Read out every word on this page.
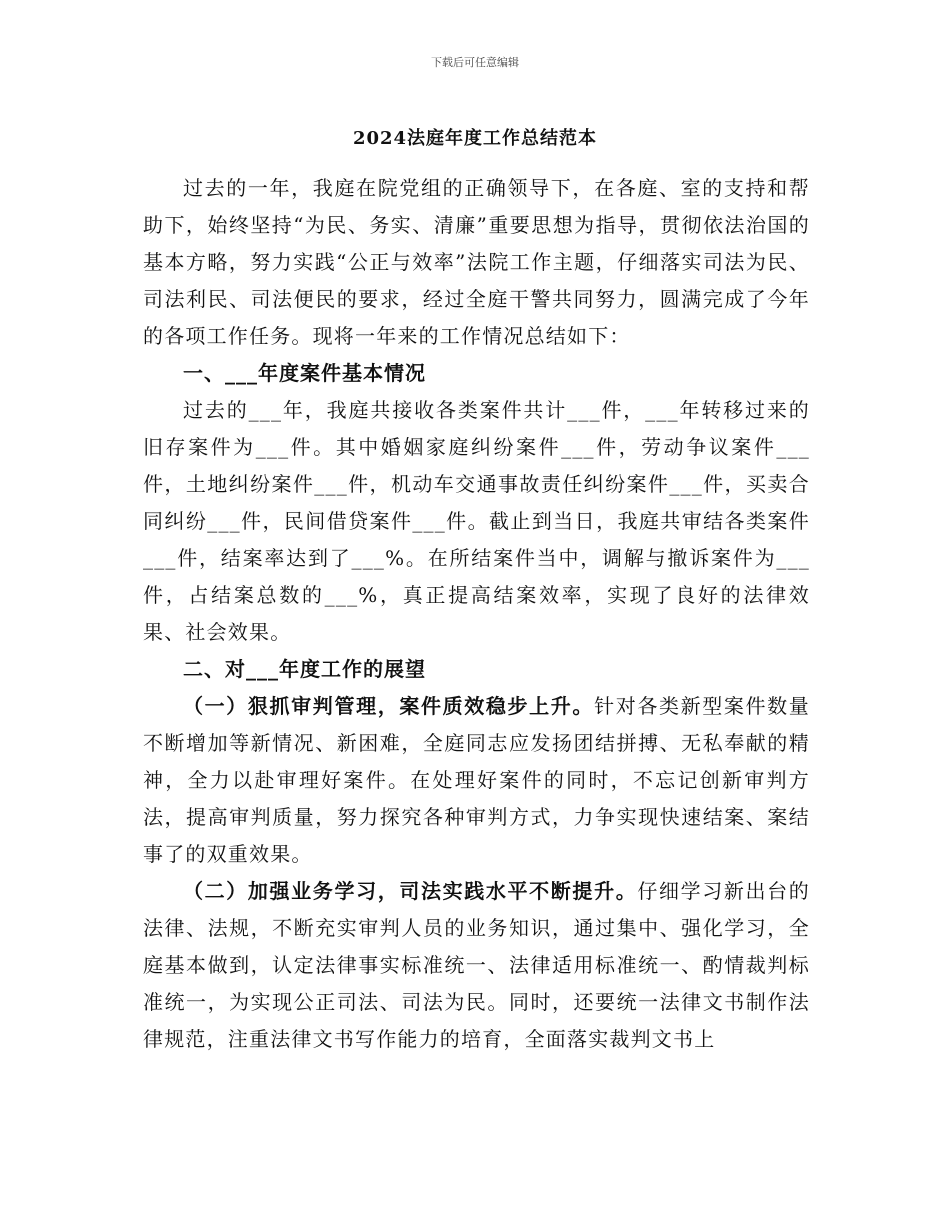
下载后可任意编辑
2024法庭年度工作总结范本

过去的一年，我庭在院党组的正确领导下，在各庭、室的支持和帮助下，始终坚持“为民、务实、清廉”重要思想为指导，贯彻依法治国的基本方略，努力实践“公正与效率”法院工作主题，仔细落实司法为民、司法利民、司法便民的要求，经过全庭干警共同努力，圆满完成了今年的各项工作任务。现将一年来的工作情况总结如下：

一、___年度案件基本情况

过去的___年，我庭共接收各类案件共计___件，___年转移过来的旧存案件为___件。其中婚姻家庭纠纷案件___件，劳动争议案件___件，土地纠纷案件___件，机动车交通事故责任纠纷案件___件，买卖合同纠纷___件，民间借贷案件___件。截止到当日，我庭共审结各类案件___件，结案率达到了___%。在所结案件当中，调解与撤诉案件为___件，占结案总数的___%，真正提高结案效率，实现了良好的法律效果、社会效果。

二、对___年度工作的展望

（一）狠抓审判管理，案件质效稳步上升。针对各类新型案件数量不断增加等新情况、新困难，全庭同志应发扬团结拼搏、无私奉献的精神，全力以赴审理好案件。在处理好案件的同时，不忘记创新审判方法，提高审判质量，努力探究各种审判方式，力争实现快速结案、案结事了的双重效果。

（二）加强业务学习，司法实践水平不断提升。仔细学习新出台的法律、法规，不断充实审判人员的业务知识，通过集中、强化学习，全庭基本做到，认定法律事实标准统一、法律适用标准统一、酌情裁判标准统一，为实现公正司法、司法为民。同时，还要统一法律文书制作法律规范，注重法律文书写作能力的培育，全面落实裁判文书上
